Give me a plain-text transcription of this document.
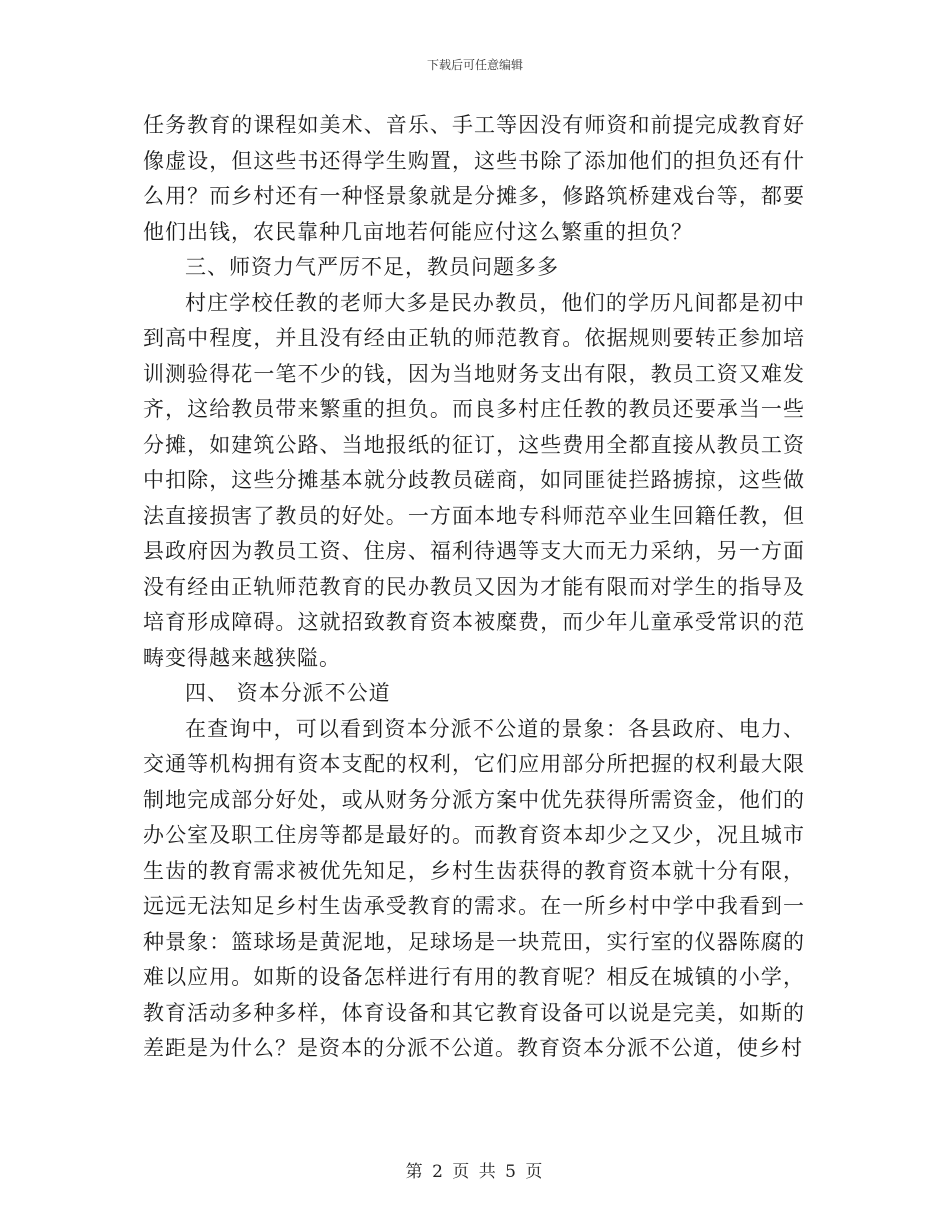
下载后可任意编辑

任务教育的课程如美术、音乐、手工等因没有师资和前提完成教育好像虚设，但这些书还得学生购置，这些书除了添加他们的担负还有什么用？而乡村还有一种怪景象就是分摊多，修路筑桥建戏台等，都要他们出钱，农民靠种几亩地若何能应付这么繁重的担负？

三、师资力气严厉不足，教员问题多多

村庄学校任教的老师大多是民办教员，他们的学历凡间都是初中到高中程度，并且没有经由正轨的师范教育。依据规则要转正参加培训测验得花一笔不少的钱，因为当地财务支出有限，教员工资又难发齐，这给教员带来繁重的担负。而良多村庄任教的教员还要承当一些分摊，如建筑公路、当地报纸的征订，这些费用全都直接从教员工资中扣除，这些分摊基本就分歧教员磋商，如同匪徒拦路掳掠，这些做法直接损害了教员的好处。一方面本地专科师范卒业生回籍任教，但县政府因为教员工资、住房、福利待遇等支大而无力采纳，另一方面没有经由正轨师范教育的民办教员又因为才能有限而对学生的指导及培育形成障碍。这就招致教育资本被糜费，而少年儿童承受常识的范畴变得越来越狭隘。

四、 资本分派不公道

在查询中，可以看到资本分派不公道的景象：各县政府、电力、交通等机构拥有资本支配的权利，它们应用部分所把握的权利最大限制地完成部分好处，或从财务分派方案中优先获得所需资金，他们的办公室及职工住房等都是最好的。而教育资本却少之又少，况且城市生齿的教育需求被优先知足，乡村生齿获得的教育资本就十分有限，远远无法知足乡村生齿承受教育的需求。在一所乡村中学中我看到一种景象：篮球场是黄泥地，足球场是一块荒田，实行室的仪器陈腐的难以应用。如斯的设备怎样进行有用的教育呢？相反在城镇的小学，教育活动多种多样，体育设备和其它教育设备可以说是完美，如斯的差距是为什么？是资本的分派不公道。教育资本分派不公道，使乡村

第 2 页 共 5 页
